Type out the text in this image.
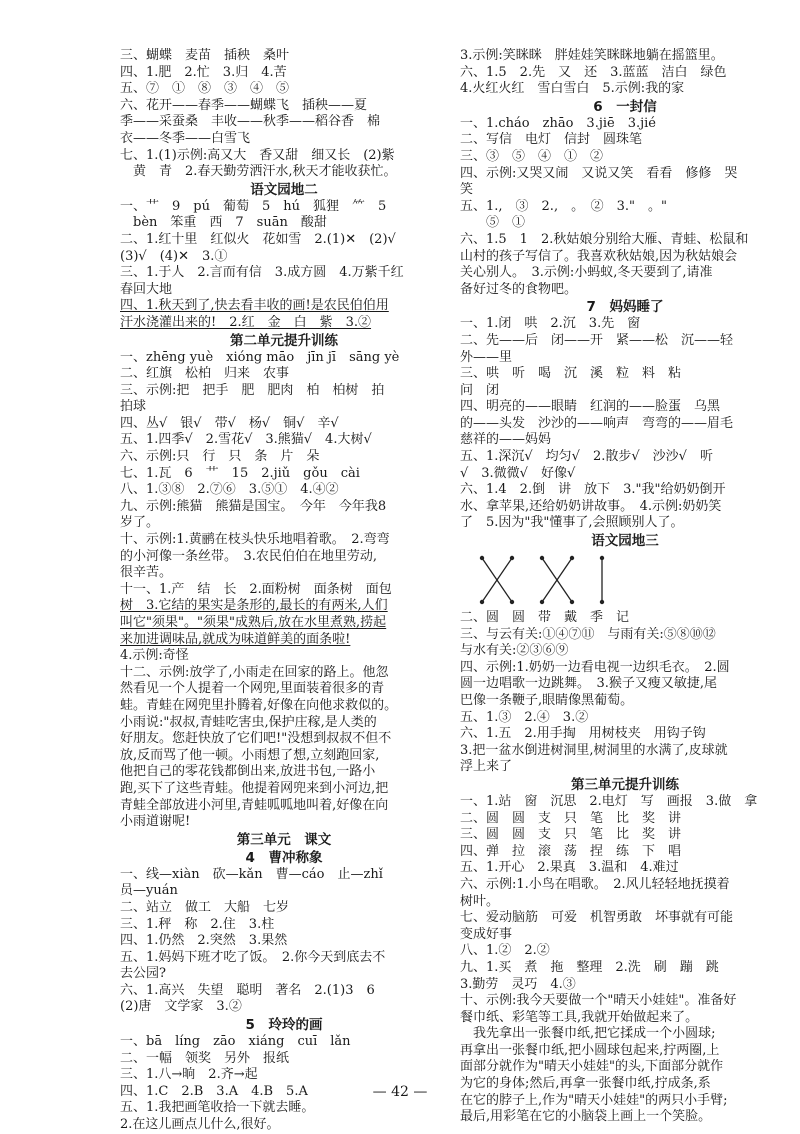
三、蝴蝶　麦苗　插秧　桑叶
四、1.肥　2.忙　3.归　4.苦
五、⑦　①　⑧　③　④　⑤
六、花开——春季——蝴蝶飞　插秧——夏
季——采蚕桑　丰收——秋季——稻谷香　棉
衣——冬季——白雪飞
七、1.(1)示例:高又大　香又甜　细又长　(2)紫
　黄　青　2.春天勤劳洒汗水,秋天才能收获忙。
语文园地二
一、艹　9　pú　葡萄　5　hú　狐狸　⺮　5
　bèn　笨重　西　7　suān　酸甜
二、1.红十里　红似火　花如雪　2.(1)✕　(2)√
(3)√　(4)✕　3.①
三、1.于人　2.言而有信　3.成方圆　4.万紫千红
春回大地
四、1.秋天到了,快去看丰收的画!是农民伯伯用
汗水浇灌出来的!　2.红　金　白　紫　3.②
第二单元提升训练
一、zhēng yuè　xióng māo　jīn jī　sāng yè
二、红旗　松柏　归来　农事
三、示例:把　把手　肥　肥肉　柏　柏树　拍
拍球
四、丛√　银√　带√　杨√　铜√　辛√
五、1.四季√　2.雪花√　3.熊猫√　4.大树√
六、示例:只　行　只　条　片　朵
七、1.瓦　6　艹　15　2.jiǔ　gǒu　cài
八、1.③⑧　2.⑦⑥　3.⑤①　4.④②
九、示例:熊猫　熊猫是国宝。　今年　今年我8
岁了。
十、示例:1.黄鹂在枝头快乐地唱着歌。　2.弯弯
的小河像一条丝带。　3.农民伯伯在地里劳动,
很辛苦。
十一、1.产　结　长　2.面粉树　面条树　面包
树　3.它结的果实是条形的,最长的有两米,人们
叫它"须果"。"须果"成熟后,放在水里煮熟,捞起
来加进调味品,就成为味道鲜美的面条啦!
4.示例:奇怪
十二、示例:放学了,小雨走在回家的路上。他忽
然看见一个人提着一个网兜,里面装着很多的青
蛙。青蛙在网兜里扑腾着,好像在向他求救似的。
小雨说:"叔叔,青蛙吃害虫,保护庄稼,是人类的
好朋友。您赶快放了它们吧!"没想到叔叔不但不
放,反而骂了他一顿。小雨想了想,立刻跑回家,
他把自己的零花钱都倒出来,放进书包,一路小
跑,买下了这些青蛙。他提着网兜来到小河边,把
青蛙全部放进小河里,青蛙呱呱地叫着,好像在向
小雨道谢呢!
第三单元　课文
4　曹冲称象
一、线—xiàn　砍—kǎn　曹—cáo　止—zhǐ
员—yuán
二、站立　做工　大船　七岁
三、1.秤　称　2.住　3.柱
四、1.仍然　2.突然　3.果然
五、1.妈妈下班才吃了饭。　2.你今天到底去不
去公园?
六、1.高兴　失望　聪明　著名　2.(1)3　6
(2)唐　文学家　3.②
5　玲玲的画
一、bā　líng　zāo　xiáng　cuī　lǎn
二、一幅　领奖　另外　报纸
三、1.八→晌　2.齐→起
四、1.C　2.B　3.A　4.B　5.A
五、1.我把画笔收拾一下就去睡。
2.在这儿画点儿什么,很好。
3.示例:笑眯眯　胖娃娃笑眯眯地躺在摇篮里。
六、1.5　2.先　又　还　3.蓝蓝　洁白　绿色
4.火红火红　雪白雪白　5.示例:我的家
6　一封信
一、1.cháo　zhāo　3.jiē　3.jié
二、写信　电灯　信封　圆珠笔
三、③　⑤　④　①　②
四、示例:又哭又闹　又说又笑　看看　修修　哭
笑
五、1.,　③　2.,　。　②　3."　。"
　　⑤　①
六、1.5　1　2.秋姑娘分别给大雁、青蛙、松鼠和
山村的孩子写信了。我喜欢秋姑娘,因为秋姑娘会
关心别人。　3.示例:小蚂蚁,冬天要到了,请准
备好过冬的食物吧。
7　妈妈睡了
一、1.闭　哄　2.沉　3.先　窗
二、先——后　闭——开　紧——松　沉——轻
外——里
三、哄　听　喝　沉　溪　粒　料　粘
问　闭
四、明亮的——眼睛　红润的——脸蛋　乌黑
的——头发　沙沙的——响声　弯弯的——眉毛
慈祥的——妈妈
五、1.深沉√　均匀√　2.散步√　沙沙√　听
√　3.微微√　好像√
六、1.4　2.倒　讲　放下　3."我"给奶奶倒开
水、拿苹果,还给奶奶讲故事。　4.示例:奶奶笑
了　5.因为"我"懂事了,会照顾别人了。
语文园地三
二、圆　圆　带　戴　季　记
三、与云有关:①④⑦⑪　与雨有关:⑤⑧⑩⑫
与水有关:②③⑥⑨
四、示例:1.奶奶一边看电视一边织毛衣。　2.圆
圆一边唱歌一边跳舞。　3.猴子又瘦又敏捷,尾
巴像一条鞭子,眼睛像黑葡萄。
五、1.③　2.④　3.②
六、1.五　2.用手掏　用树枝夹　用钩子钩
3.把一盆水倒进树洞里,树洞里的水满了,皮球就
浮上来了
第三单元提升训练
一、1.站　窗　沉思　2.电灯　写　画报　3.做　拿
二、圆　圆　支　只　笔　比　奖　讲
三、圆　圆　支　只　笔　比　奖　讲
四、弹　拉　滚　荡　捏　练　下　唱
五、1.开心　2.果真　3.温和　4.难过
六、示例:1.小鸟在唱歌。　2.风儿轻轻地抚摸着
树叶。
七、爱动脑筋　可爱　机智勇敢　坏事就有可能
变成好事
八、1.②　2.②
九、1.买　煮　拖　整理　2.洗　刷　蹦　跳
3.勤劳　灵巧　4.③
十、示例:我今天要做一个"晴天小娃娃"。准备好
餐巾纸、彩笔等工具,我就开始做起来了。
　我先拿出一张餐巾纸,把它揉成一个小圆球;
再拿出一张餐巾纸,把小圆球包起来,拧两圈,上
面部分就作为"晴天小娃娃"的头,下面部分就作
为它的身体;然后,再拿一张餐巾纸,拧成条,系
在它的脖子上,作为"晴天小娃娃"的两只小手臂;
最后,用彩笔在它的小脑袋上画上一个笑脸。
— 42 —
